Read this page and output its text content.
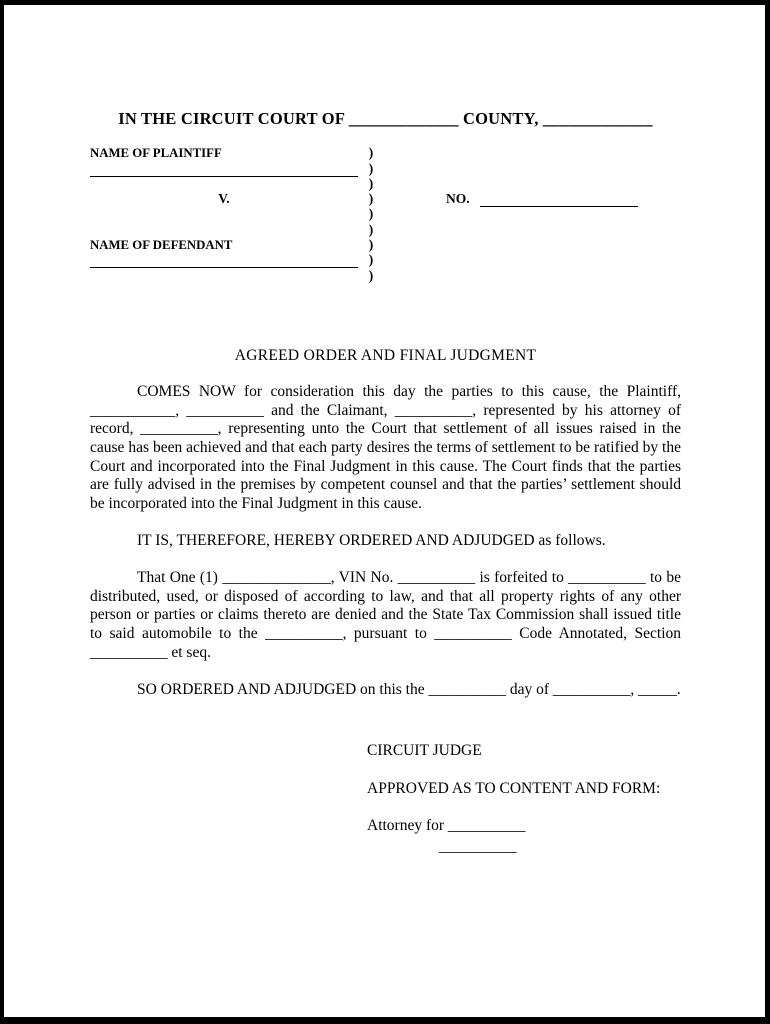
IN THE CIRCUIT COURT OF _____________ COUNTY, _____________
NAME OF PLAINTIFF	)
)
)
V.	)	NO.
)
)
NAME OF DEFENDANT	)
)
)
AGREED ORDER AND FINAL JUDGMENT

COMES NOW for consideration this day the parties to this cause, the Plaintiff, ___________, __________ and the Claimant, __________, represented by his attorney of record, __________, representing unto the Court that settlement of all issues raised in the cause has been achieved and that each party desires the terms of settlement to be ratified by the Court and incorporated into the Final Judgment in this cause. The Court finds that the parties are fully advised in the premises by competent counsel and that the parties’ settlement should be incorporated into the Final Judgment in this cause.

IT IS, THEREFORE, HEREBY ORDERED AND ADJUDGED as follows.

That One (1) ______________, VIN No. __________ is forfeited to __________ to be distributed, used, or disposed of according to law, and that all property rights of any other person or parties or claims thereto are denied and the State Tax Commission shall issued title to said automobile to the __________, pursuant to __________ Code Annotated, Section __________ et seq.

SO ORDERED AND ADJUDGED on this the __________ day of __________, _____.

CIRCUIT JUDGE
APPROVED AS TO CONTENT AND FORM:
Attorney for __________
__________
